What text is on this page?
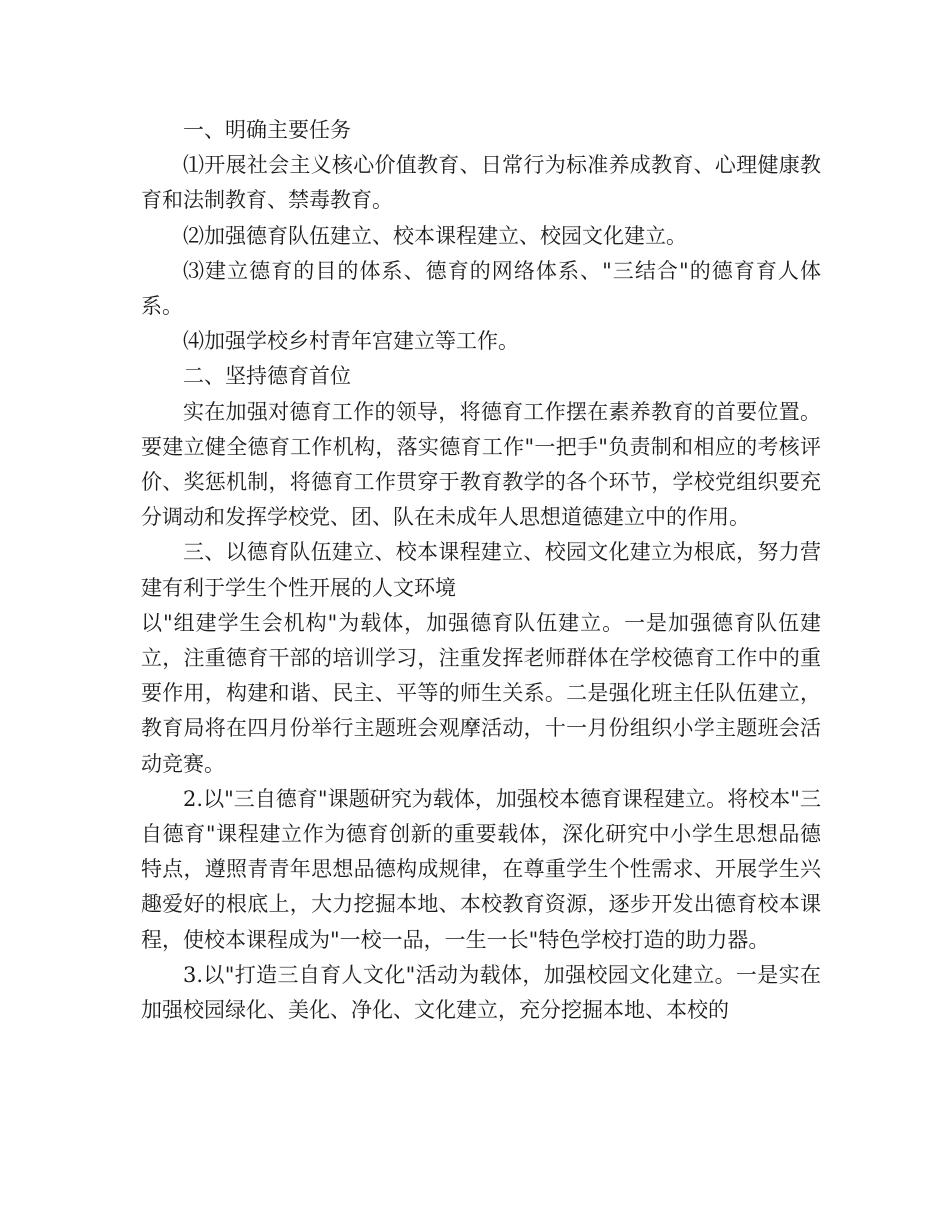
一、明确主要任务

⑴开展社会主义核心价值教育、日常行为标准养成教育、心理健康教育和法制教育、禁毒教育。

⑵加强德育队伍建立、校本课程建立、校园文化建立。

⑶建立德育的目的体系、德育的网络体系、"三结合"的德育育人体系。

⑷加强学校乡村青年宫建立等工作。

二、坚持德育首位

实在加强对德育工作的领导，将德育工作摆在素养教育的首要位置。要建立健全德育工作机构，落实德育工作"一把手"负责制和相应的考核评价、奖惩机制，将德育工作贯穿于教育教学的各个环节，学校党组织要充分调动和发挥学校党、团、队在未成年人思想道德建立中的作用。

三、以德育队伍建立、校本课程建立、校园文化建立为根底，努力营建有利于学生个性开展的人文环境

以"组建学生会机构"为载体，加强德育队伍建立。一是加强德育队伍建立，注重德育干部的培训学习，注重发挥老师群体在学校德育工作中的重要作用，构建和谐、民主、平等的师生关系。二是强化班主任队伍建立，教育局将在四月份举行主题班会观摩活动，十一月份组织小学主题班会活动竞赛。

2.以"三自德育"课题研究为载体，加强校本德育课程建立。将校本"三自德育"课程建立作为德育创新的重要载体，深化研究中小学生思想品德特点，遵照青青年思想品德构成规律，在尊重学生个性需求、开展学生兴趣爱好的根底上，大力挖掘本地、本校教育资源，逐步开发出德育校本课程，使校本课程成为"一校一品，一生一长"特色学校打造的助力器。

3.以"打造三自育人文化"活动为载体，加强校园文化建立。一是实在加强校园绿化、美化、净化、文化建立，充分挖掘本地、本校的
